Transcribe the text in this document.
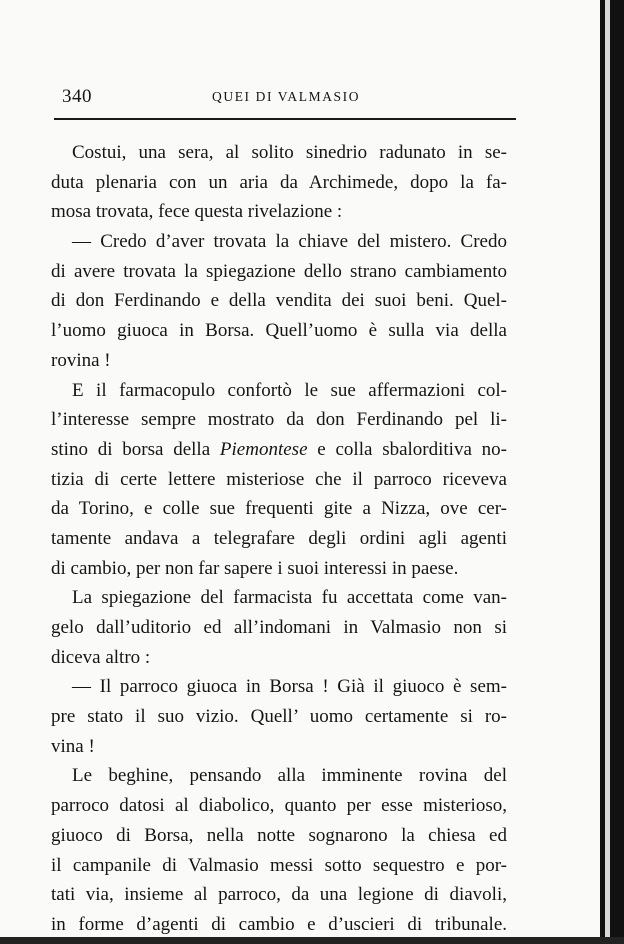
340	QUEI DI VALMASIO
Costui, una sera, al solito sinedrio radunato in se-
duta plenaria con un aria da Archimede, dopo la fa-
mosa trovata, fece questa rivelazione :
— Credo d’aver trovata la chiave del mistero. Credo
di avere trovata la spiegazione dello strano cambiamento
di don Ferdinando e della vendita dei suoi beni. Quel-
l’uomo giuoca in Borsa. Quell’uomo è sulla via della
rovina !
E il farmacopulo confortò le sue affermazioni col-
l’interesse sempre mostrato da don Ferdinando pel li-
stino di borsa della Piemontese e colla sbalorditiva no-
tizia di certe lettere misteriose che il parroco riceveva
da Torino, e colle sue frequenti gite a Nizza, ove cer-
tamente andava a telegrafare degli ordini agli agenti
di cambio, per non far sapere i suoi interessi in paese.
La spiegazione del farmacista fu accettata come van-
gelo dall’uditorio ed all’indomani in Valmasio non si
diceva altro :
— Il parroco giuoca in Borsa ! Già il giuoco è sem-
pre stato il suo vizio. Quell’ uomo certamente si ro-
vina !
Le beghine, pensando alla imminente rovina del
parroco datosi al diabolico, quanto per esse misterioso,
giuoco di Borsa, nella notte sognarono la chiesa ed
il campanile di Valmasio messi sotto sequestro e por-
tati via, insieme al parroco, da una legione di diavoli,
in forme d’agenti di cambio e d’uscieri di tribunale.
